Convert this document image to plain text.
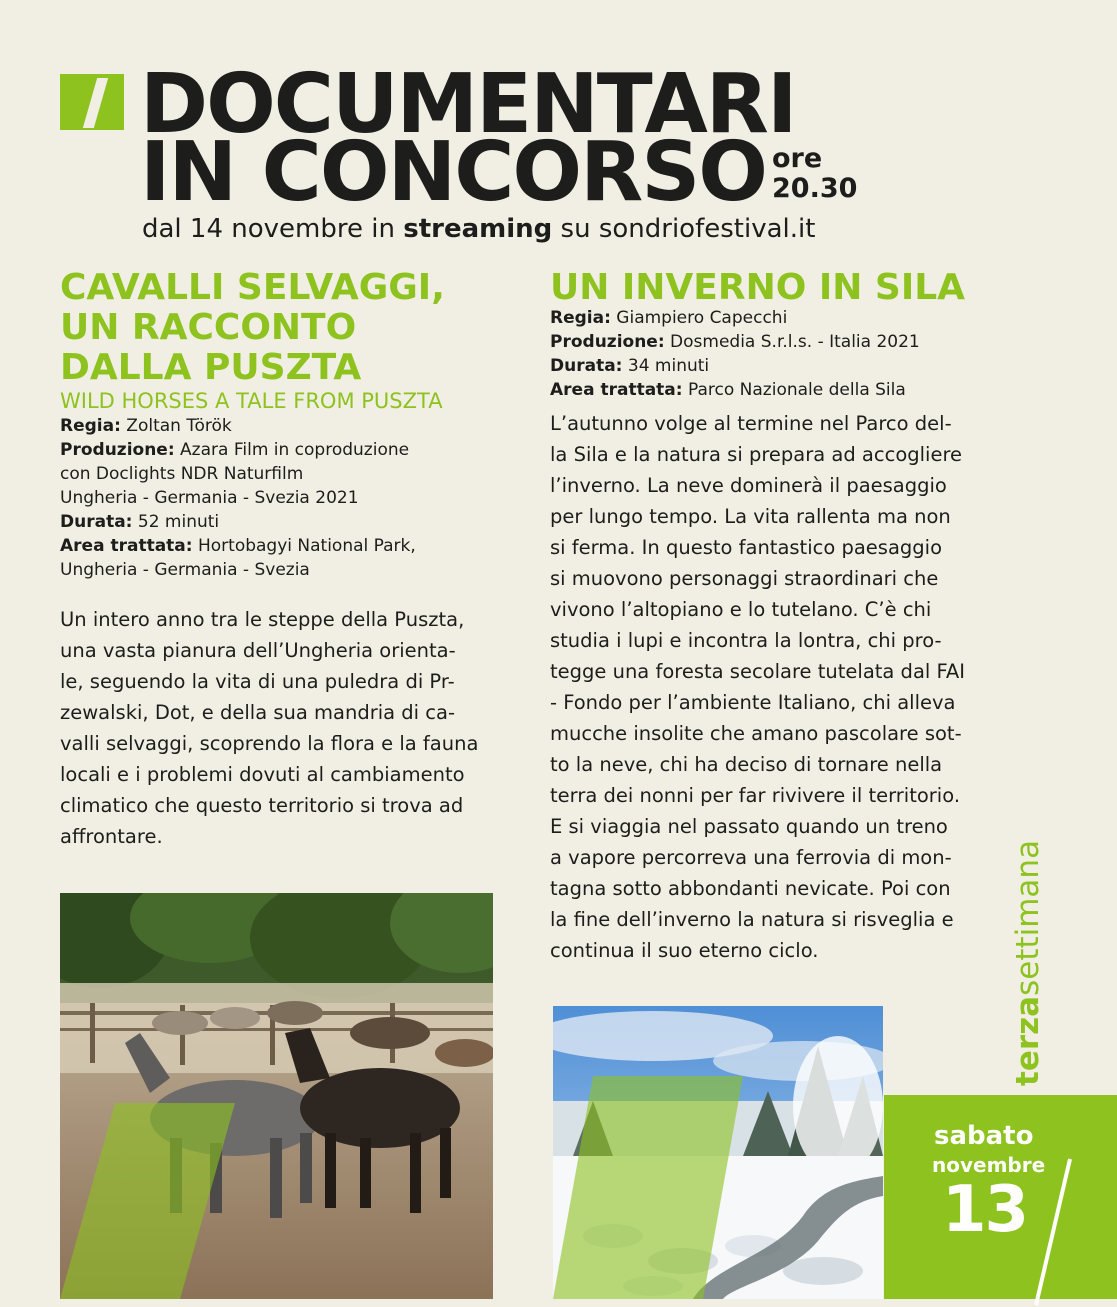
DOCUMENTARI
IN CONCORSO ore
20.30
dal 14 novembre in streaming su sondriofestival.it
CAVALLI SELVAGGI,
UN RACCONTO
DALLA PUSZTA
WILD HORSES A TALE FROM PUSZTA
Regia: Zoltan Török
Produzione: Azara Film in coproduzione
con Doclights NDR Naturfilm
Ungheria - Germania - Svezia 2021
Durata: 52 minuti
Area trattata: Hortobagyi National Park,
Ungheria - Germania - Svezia
Un intero anno tra le steppe della Puszta,
una vasta pianura dell’Ungheria orienta-
le, seguendo la vita di una puledra di Pr-
zewalski, Dot, e della sua mandria di ca-
valli selvaggi, scoprendo la flora e la fauna
locali e i problemi dovuti al cambiamento
climatico che questo territorio si trova ad
affrontare.
UN INVERNO IN SILA
Regia: Giampiero Capecchi
Produzione: Dosmedia S.r.l.s. - Italia 2021
Durata: 34 minuti
Area trattata: Parco Nazionale della Sila
L’autunno volge al termine nel Parco del-
la Sila e la natura si prepara ad accogliere
l’inverno. La neve dominerà il paesaggio
per lungo tempo. La vita rallenta ma non
si ferma. In questo fantastico paesaggio
si muovono personaggi straordinari che
vivono l’altopiano e lo tutelano. C’è chi
studia i lupi e incontra la lontra, chi pro-
tegge una foresta secolare tutelata dal FAI
- Fondo per l’ambiente Italiano, chi alleva
mucche insolite che amano pascolare sot-
to la neve, chi ha deciso di tornare nella
terra dei nonni per far rivivere il territorio.
E si viaggia nel passato quando un treno
a vapore percorreva una ferrovia di mon-
tagna sotto abbondanti nevicate. Poi con
la fine dell’inverno la natura si risveglia e
continua il suo eterno ciclo.
terzasettimana
sabato
novembre
13
